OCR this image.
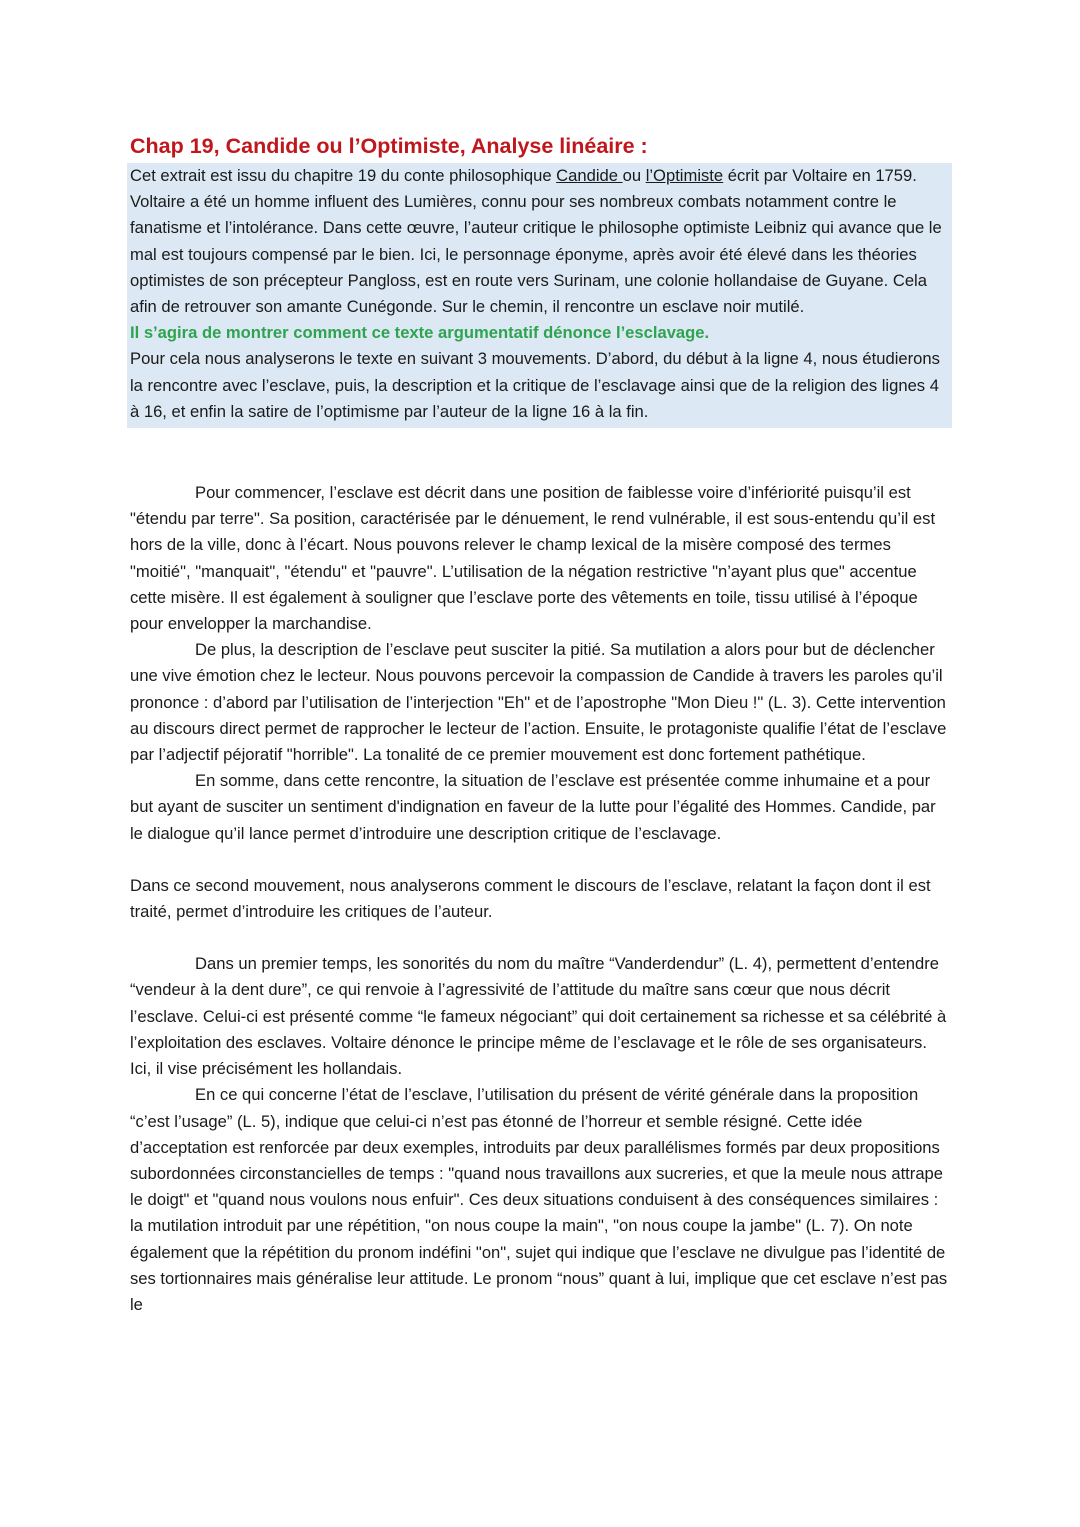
Chap 19, Candide ou l’Optimiste, Analyse linéaire :

Cet extrait est issu du chapitre 19 du conte philosophique Candide ou l’Optimiste écrit par Voltaire en 1759. Voltaire a été un homme influent des Lumières, connu pour ses nombreux combats notamment contre le fanatisme et l’intolérance. Dans cette œuvre, l’auteur critique le philosophe optimiste Leibniz qui avance que le mal est toujours compensé par le bien. Ici, le personnage éponyme, après avoir été élevé dans les théories optimistes de son précepteur Pangloss, est en route vers Surinam, une colonie hollandaise de Guyane. Cela afin de retrouver son amante Cunégonde. Sur le chemin, il rencontre un esclave noir mutilé.

Il s’agira de montrer comment ce texte argumentatif dénonce l’esclavage.

Pour cela nous analyserons le texte en suivant 3 mouvements. D’abord, du début à la ligne 4, nous étudierons la rencontre avec l’esclave, puis, la description et la critique de l’esclavage ainsi que de la religion des lignes 4 à 16, et enfin la satire de l’optimisme par l’auteur de la ligne 16 à la fin.

Pour commencer, l’esclave est décrit dans une position de faiblesse voire d’infériorité puisqu’il est "étendu par terre". Sa position, caractérisée par le dénuement, le rend vulnérable, il est sous-entendu qu’il est hors de la ville, donc à l’écart. Nous pouvons relever le champ lexical de la misère composé des termes "moitié", "manquait", "étendu" et "pauvre". L’utilisation de la négation restrictive "n’ayant plus que" accentue cette misère. Il est également à souligner que l’esclave porte des vêtements en toile, tissu utilisé à l’époque pour envelopper la marchandise.

De plus, la description de l’esclave peut susciter la pitié. Sa mutilation a alors pour but de déclencher une vive émotion chez le lecteur. Nous pouvons percevoir la compassion de Candide à travers les paroles qu’il prononce : d’abord par l’utilisation de l’interjection "Eh" et de l’apostrophe "Mon Dieu !" (L. 3). Cette intervention au discours direct permet de rapprocher le lecteur de l’action. Ensuite, le protagoniste qualifie l’état de l’esclave par l’adjectif péjoratif "horrible". La tonalité de ce premier mouvement est donc fortement pathétique.

En somme, dans cette rencontre, la situation de l’esclave est présentée comme inhumaine et a pour but ayant de susciter un sentiment d'indignation en faveur de la lutte pour l’égalité des Hommes. Candide, par le dialogue qu’il lance permet d’introduire une description critique de l’esclavage.

Dans ce second mouvement, nous analyserons comment le discours de l’esclave, relatant la façon dont il est traité, permet d’introduire les critiques de l’auteur.

Dans un premier temps, les sonorités du nom du maître “Vanderdendur” (L. 4), permettent d’entendre “vendeur à la dent dure”, ce qui renvoie à l’agressivité de l’attitude du maître sans cœur que nous décrit l’esclave. Celui-ci est présenté comme “le fameux négociant” qui doit certainement sa richesse et sa célébrité à l’exploitation des esclaves. Voltaire dénonce le principe même de l’esclavage et le rôle de ses organisateurs. Ici, il vise précisément les hollandais.

En ce qui concerne l’état de l’esclave, l’utilisation du présent de vérité générale dans la proposition “c’est l’usage” (L. 5), indique que celui-ci n’est pas étonné de l’horreur et semble résigné. Cette idée d’acceptation est renforcée par deux exemples, introduits par deux parallélismes formés par deux propositions subordonnées circonstancielles de temps : "quand nous travaillons aux sucreries, et que la meule nous attrape le doigt" et "quand nous voulons nous enfuir". Ces deux situations conduisent à des conséquences similaires : la mutilation introduit par une répétition, "on nous coupe la main", "on nous coupe la jambe" (L. 7). On note également que la répétition du pronom indéfini "on", sujet qui indique que l’esclave ne divulgue pas l’identité de ses tortionnaires mais généralise leur attitude. Le pronom “nous” quant à lui, implique que cet esclave n’est pas le
